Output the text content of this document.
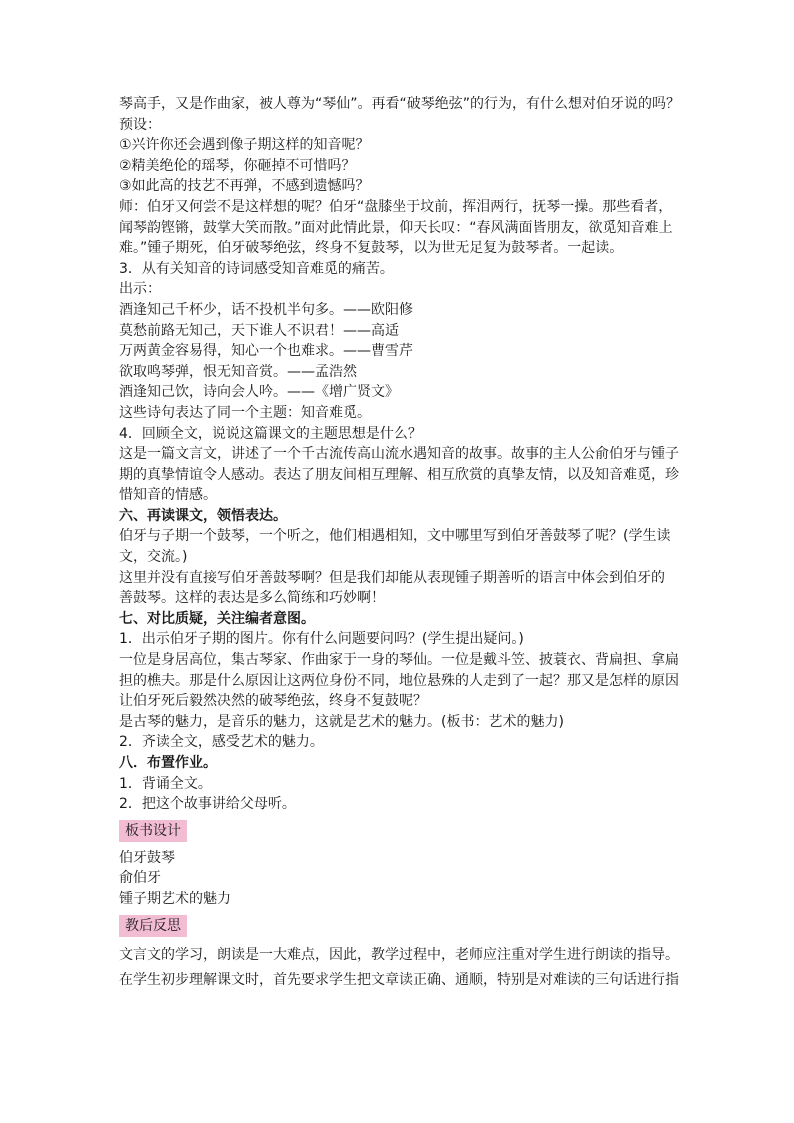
琴高手，又是作曲家，被人尊为“琴仙”。再看“破琴绝弦”的行为，有什么想对伯牙说的吗？

预设：

①兴许你还会遇到像子期这样的知音呢？

②精美绝伦的瑶琴，你砸掉不可惜吗？

③如此高的技艺不再弹，不感到遗憾吗？

师：伯牙又何尝不是这样想的呢？伯牙“盘膝坐于坟前，挥泪两行，抚琴一操。那些看者，

闻琴韵铿锵，鼓掌大笑而散。”面对此情此景，仰天长叹：“春风满面皆朋友，欲觅知音难上

难。”锺子期死，伯牙破琴绝弦，终身不复鼓琴，以为世无足复为鼓琴者。一起读。

3．从有关知音的诗词感受知音难觅的痛苦。

出示：

酒逢知己千杯少，话不投机半句多。——欧阳修

莫愁前路无知己，天下谁人不识君！——高适

万两黄金容易得，知心一个也难求。——曹雪芹

欲取鸣琴弹，恨无知音赏。——孟浩然

酒逢知己饮，诗向会人吟。——《增广贤文》

这些诗句表达了同一个主题：知音难觅。

4．回顾全文，说说这篇课文的主题思想是什么？

这是一篇文言文，讲述了一个千古流传高山流水遇知音的故事。故事的主人公俞伯牙与锺子

期的真挚情谊令人感动。表达了朋友间相互理解、相互欣赏的真挚友情，以及知音难觅，珍

惜知音的情感。

六、再读课文，领悟表达。

伯牙与子期一个鼓琴，一个听之，他们相遇相知，文中哪里写到伯牙善鼓琴了呢？(学生读

文，交流。)

这里并没有直接写伯牙善鼓琴啊？但是我们却能从表现锺子期善听的语言中体会到伯牙的

善鼓琴。这样的表达是多么简练和巧妙啊！

七、对比质疑，关注编者意图。

1．出示伯牙子期的图片。你有什么问题要问吗？(学生提出疑问。)

一位是身居高位，集古琴家、作曲家于一身的琴仙。一位是戴斗笠、披蓑衣、背扁担、拿扁

担的樵夫。那是什么原因让这两位身份不同，地位悬殊的人走到了一起？那又是怎样的原因

让伯牙死后毅然决然的破琴绝弦，终身不复鼓呢？

是古琴的魅力，是音乐的魅力，这就是艺术的魅力。(板书：艺术的魅力)

2．齐读全文，感受艺术的魅力。

八．布置作业。

1．背诵全文。

2．把这个故事讲给父母听。

板书设计

伯牙鼓琴

俞伯牙

锺子期艺术的魅力

教后反思

文言文的学习，朗读是一大难点，因此，教学过程中，老师应注重对学生进行朗读的指导。

在学生初步理解课文时，首先要求学生把文章读正确、通顺，特别是对难读的三句话进行指
